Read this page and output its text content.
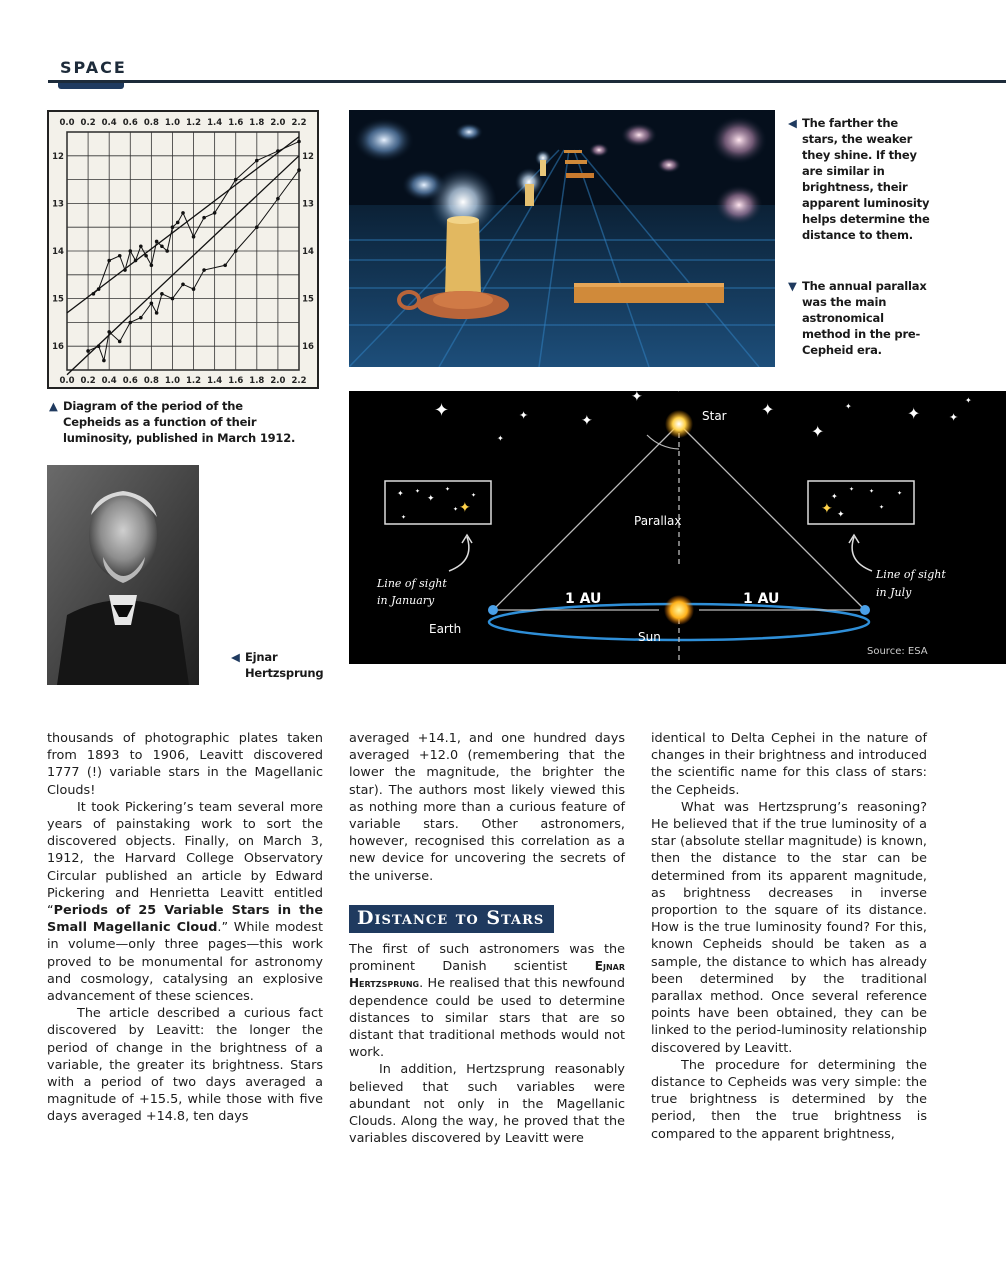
SPACE
0.0 0.2 0.4 0.6 0.8 1.0 1.2 1.4 1.6 1.8 2.0 2.2
0.0 0.2 0.4 0.6 0.8 1.0 1.2 1.4 1.6 1.8 2.0 2.2
12
13
14
15
16
12
13
14
15
16
▲ Diagram of the period of the Cepheids as a function of their luminosity, published in March 1912.
◀ The farther the stars, the weaker they shine. If they are similar in brightness, their apparent luminosity helps determine the distance to them.
▼ The annual parallax was the main astronomical method in the pre-Cepheid era.
◀ Ejnar Hertzsprung
✦	✦	✦
✦
✦
✦
✦
✦	✦
✦
✦
✦ ✦
✦
✦
✦
✦
✦	✦
✦
✦
✦
✦
✦
✦	✦
Star
Parallax
1 AU	1 AU
Earth
Sun
Line of sight
in January
Line of sight
in July
Source: ESA

thousands of photographic plates taken from 1893 to 1906, Leavitt discovered 1777 (!) variable stars in the Magellanic Clouds!

It took Pickering’s team several more years of painstaking work to sort the discovered objects. Finally, on March 3, 1912, the Harvard College Observatory Circular published an article by Edward Pickering and Henrietta Leavitt entitled “Periods of 25 Variable Stars in the Small Magellanic Cloud.” While modest in volume—only three pages—this work proved to be monumental for astronomy and cosmology, catalysing an explosive advancement of these sciences.

The article described a curious fact discovered by Leavitt: the longer the period of change in the brightness of a variable, the greater its brightness. Stars with a period of two days averaged a magnitude of +15.5, while those with five days averaged +14.8, ten days

averaged +14.1, and one hundred days averaged +12.0 (remembering that the lower the magnitude, the brighter the star). The authors most likely viewed this as nothing more than a curious feature of variable stars. Other astronomers, however, recognised this correlation as a new device for uncovering the secrets of the universe.

Distance to Stars

The first of such astronomers was the prominent Danish scientist Ejnar Hertzsprung. He realised that this newfound dependence could be used to determine distances to similar stars that are so distant that traditional methods would not work.

In addition, Hertzsprung reasonably believed that such variables were abundant not only in the Magellanic Clouds. Along the way, he proved that the variables discovered by Leavitt were

identical to Delta Cephei in the nature of changes in their brightness and introduced the scientific name for this class of stars: the Cepheids.

What was Hertzsprung’s reasoning? He believed that if the true luminosity of a star (absolute stellar magnitude) is known, then the distance to the star can be determined from its apparent magnitude, as brightness decreases in inverse proportion to the square of its distance. How is the true luminosity found? For this, known Cepheids should be taken as a sample, the distance to which has already been determined by the traditional parallax method. Once several reference points have been obtained, they can be linked to the period-luminosity relationship discovered by Leavitt.

The procedure for determining the distance to Cepheids was very simple: the true brightness is determined by the period, then the true brightness is compared to the apparent brightness,
